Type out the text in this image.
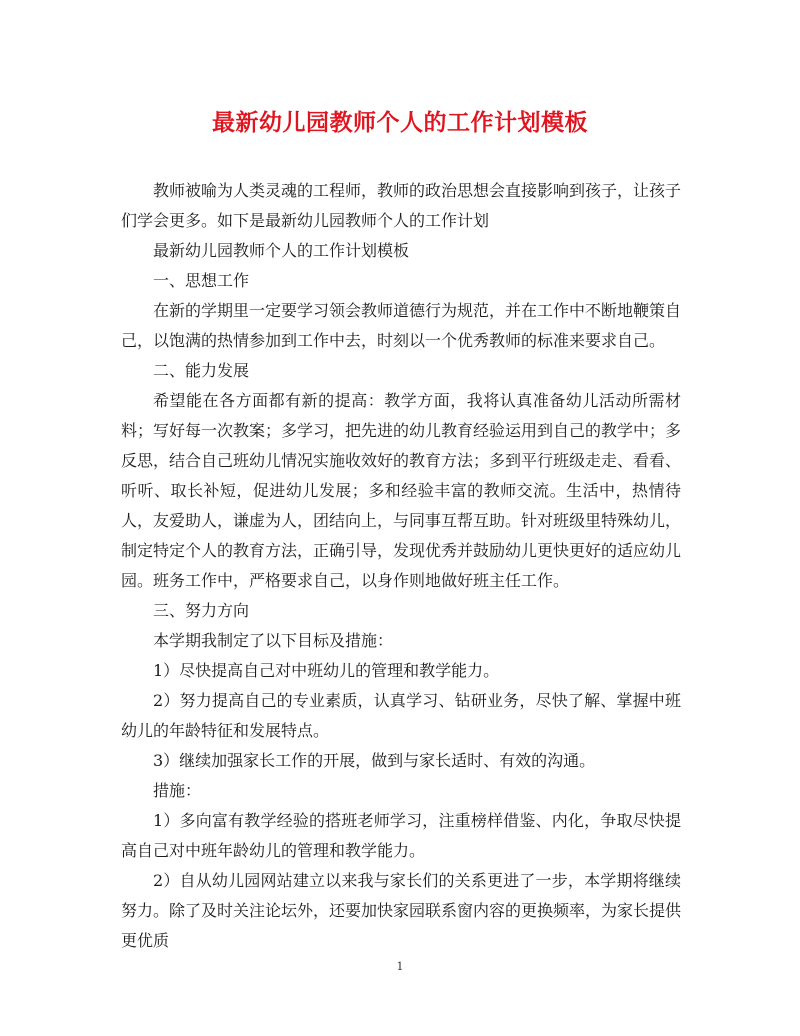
最新幼儿园教师个人的工作计划模板

教师被喻为人类灵魂的工程师，教师的政治思想会直接影响到孩子，让孩子们学会更多。如下是最新幼儿园教师个人的工作计划

最新幼儿园教师个人的工作计划模板

一、思想工作

在新的学期里一定要学习领会教师道德行为规范，并在工作中不断地鞭策自己，以饱满的热情参加到工作中去，时刻以一个优秀教师的标准来要求自己。

二、能力发展

希望能在各方面都有新的提高：教学方面，我将认真准备幼儿活动所需材料；写好每一次教案；多学习，把先进的幼儿教育经验运用到自己的教学中；多反思，结合自己班幼儿情况实施收效好的教育方法；多到平行班级走走、看看、听听、取长补短，促进幼儿发展；多和经验丰富的教师交流。生活中，热情待人，友爱助人，谦虚为人，团结向上，与同事互帮互助。针对班级里特殊幼儿，制定特定个人的教育方法，正确引导，发现优秀并鼓励幼儿更快更好的适应幼儿园。班务工作中，严格要求自己，以身作则地做好班主任工作。

三、努力方向

本学期我制定了以下目标及措施：

1）尽快提高自己对中班幼儿的管理和教学能力。

2）努力提高自己的专业素质，认真学习、钻研业务，尽快了解、掌握中班幼儿的年龄特征和发展特点。

3）继续加强家长工作的开展，做到与家长适时、有效的沟通。

措施：

1）多向富有教学经验的搭班老师学习，注重榜样借鉴、内化，争取尽快提高自己对中班年龄幼儿的管理和教学能力。

2）自从幼儿园网站建立以来我与家长们的关系更进了一步，本学期将继续努力。除了及时关注论坛外，还要加快家园联系窗内容的更换频率，为家长提供更优质

1
